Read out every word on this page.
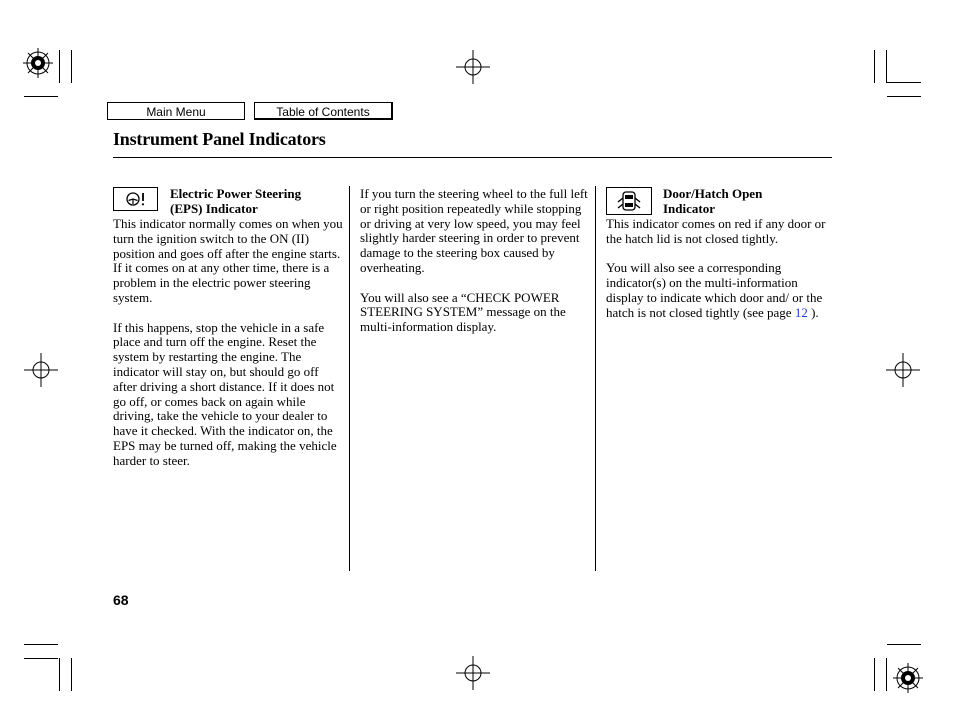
Main Menu	Table of Contents
Instrument Panel Indicators
Electric Power Steering
(EPS) Indicator

This indicator normally comes on when you turn the ignition switch to the ON (II) position and goes off after the engine starts. If it comes on at any other time, there is a problem in the electric power steering system.

If this happens, stop the vehicle in a safe place and turn off the engine. Reset the system by restarting the engine. The indicator will stay on, but should go off after driving a short distance. If it does not go off, or comes back on again while driving, take the vehicle to your dealer to have it checked. With the indicator on, the EPS may be turned off, making the vehicle harder to steer.

If you turn the steering wheel to the full left or right position repeatedly while stopping or driving at very low speed, you may feel slightly harder steering in order to prevent damage to the steering box caused by overheating.

You will also see a “CHECK POWER STEERING SYSTEM” message on the multi-information display.

Door/Hatch Open
Indicator

This indicator comes on red if any door or the hatch lid is not closed tightly.

You will also see a corresponding indicator(s) on the multi-information display to indicate which door and/ or the hatch is not closed tightly (see page 12 ).

68
